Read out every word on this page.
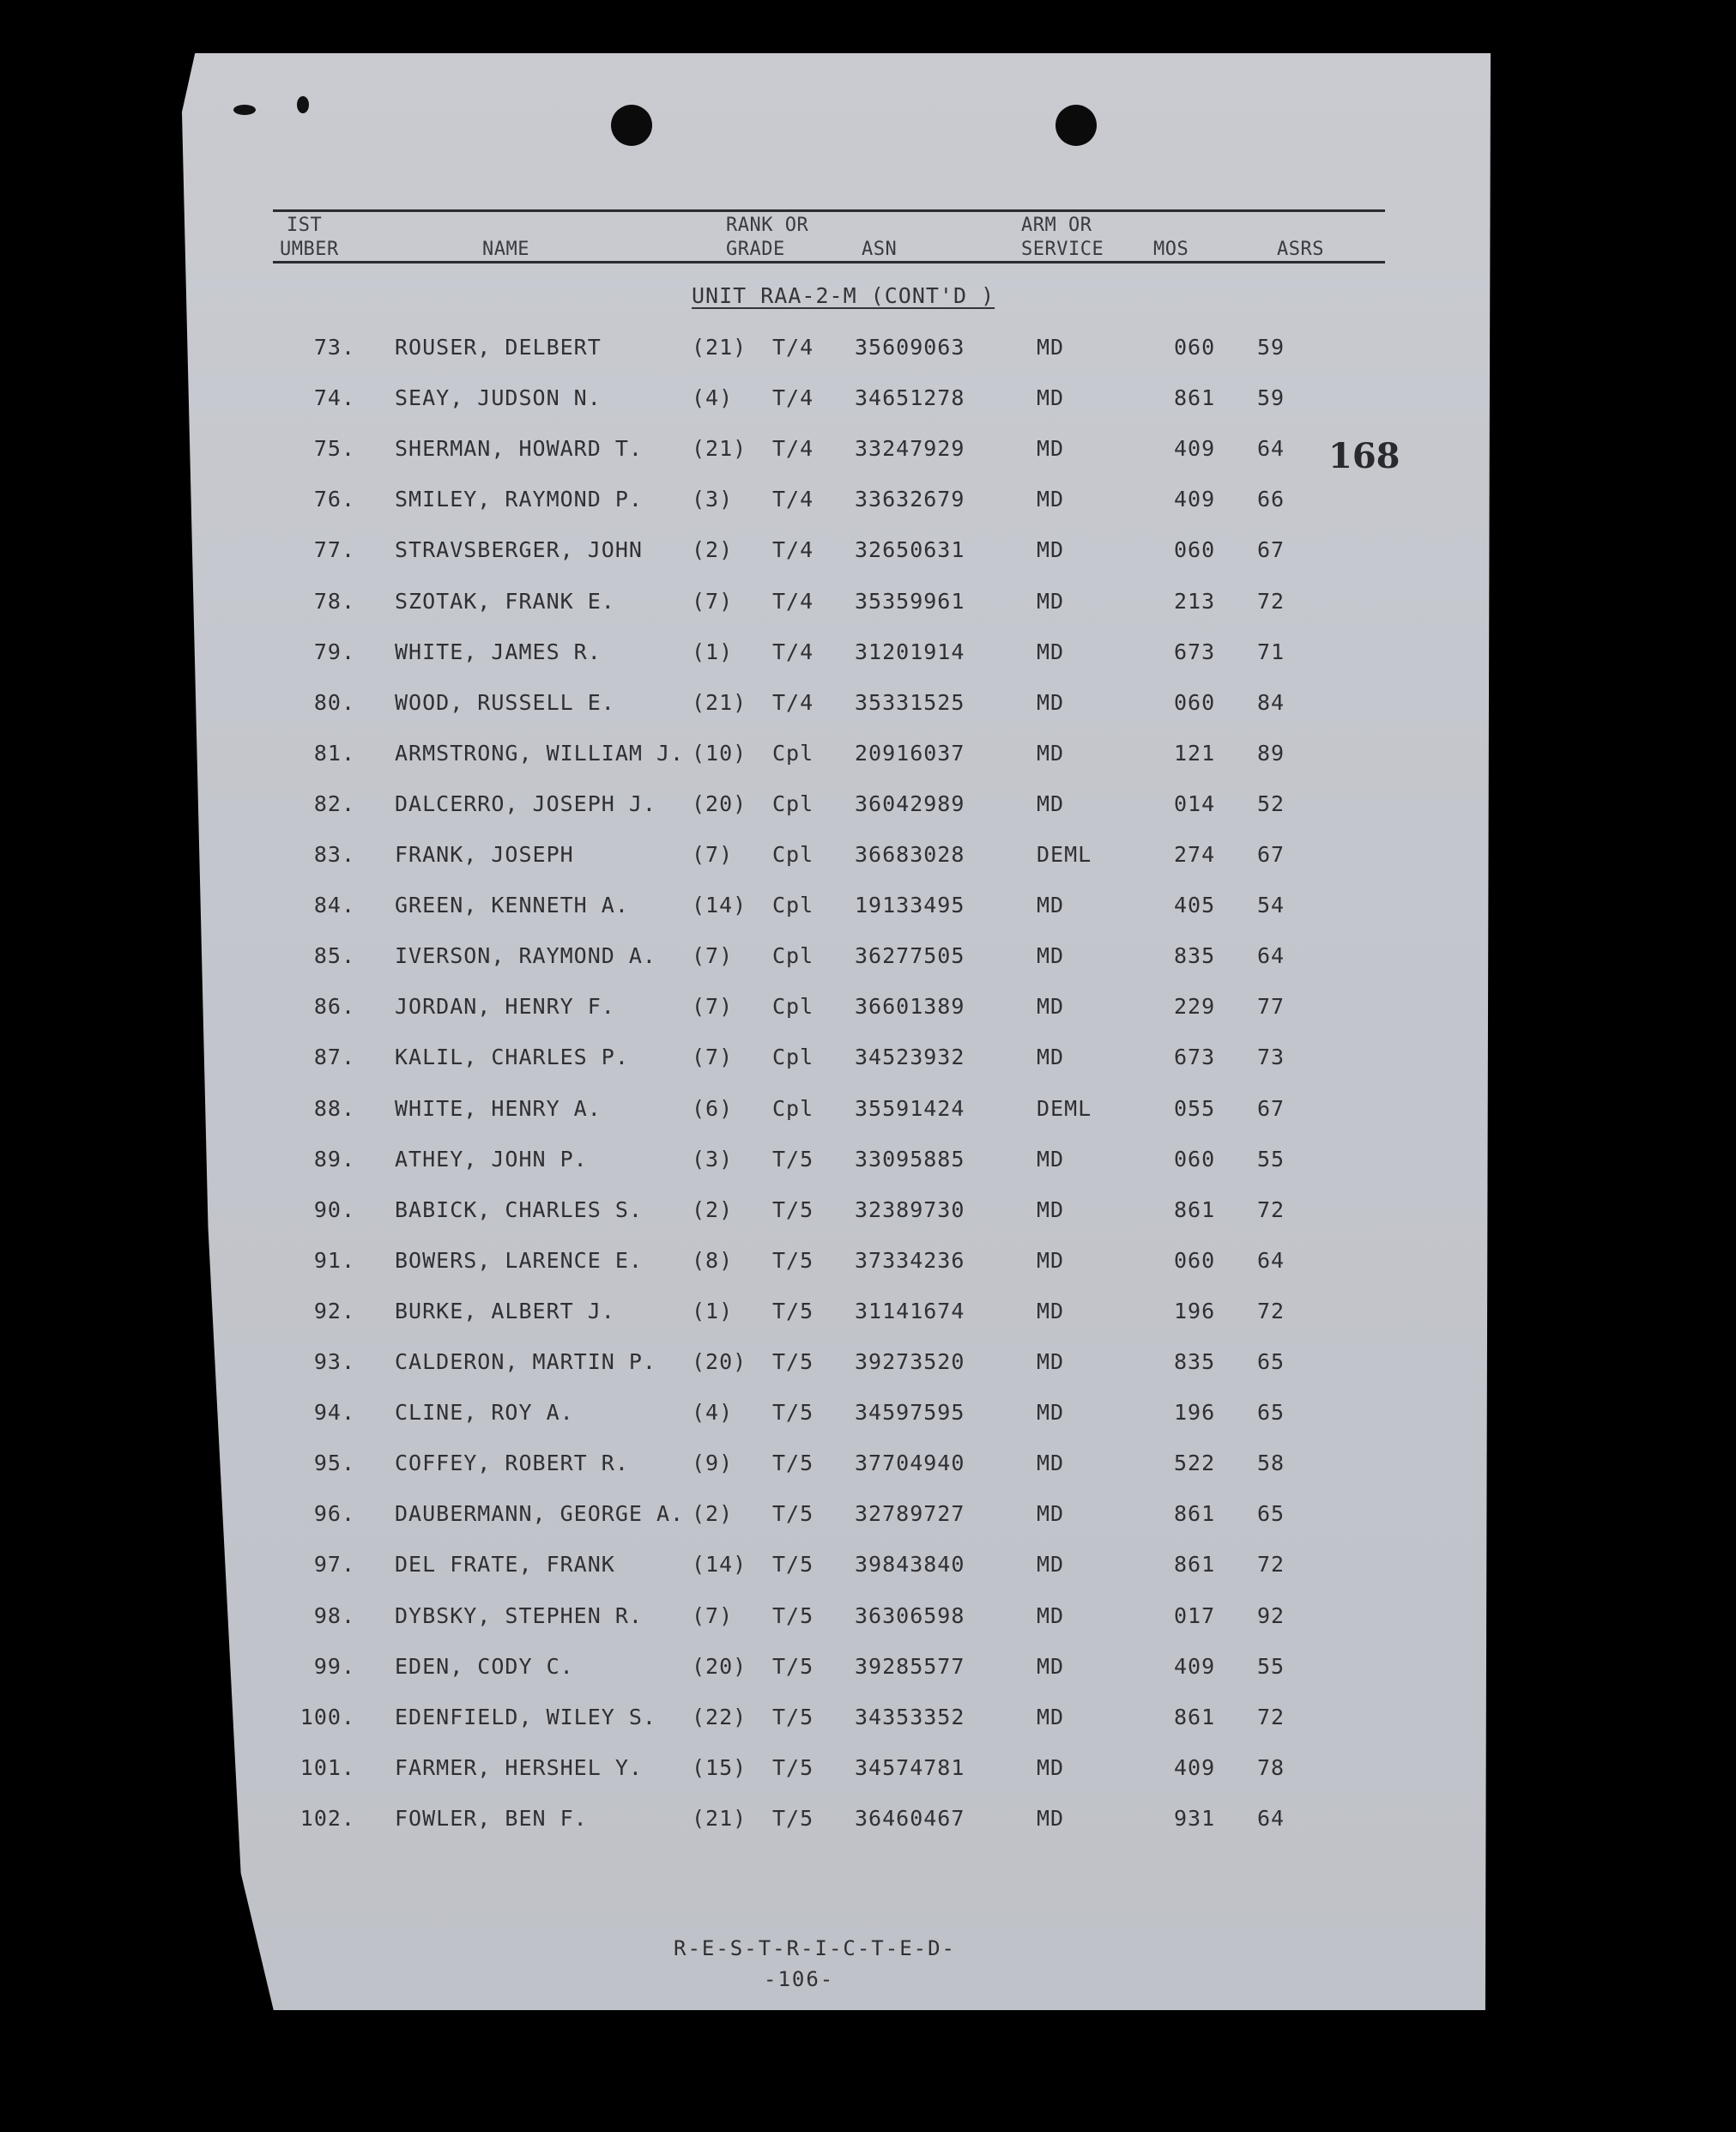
168
IST
UMBER	NAME
RANK OR
GRADE	ASN
ARM OR
SERVICE	MOS	ASRS
UNIT RAA-2-M (CONT'D )
73. ROUSER, DELBERT	(21) T/4 35609063	MD	060 59
74. SEAY, JUDSON N.	(4) T/4 34651278	MD	861 59
75. SHERMAN, HOWARD T. (21) T/4 33247929	MD	409 64
76. SMILEY, RAYMOND P. (3) T/4 33632679	MD	409 66
77. STRAVSBERGER, JOHN (2) T/4 32650631	MD	060 67
78. SZOTAK, FRANK E.	(7) T/4 35359961	MD	213 72
79. WHITE, JAMES R.	(1) T/4 31201914	MD	673 71
80. WOOD, RUSSELL E.	(21) T/4 35331525	MD	060 84
81. ARMSTRONG, WILLIAM J. (10) Cpl 20916037	MD	121 89
82. DALCERRO, JOSEPH J. (20) Cpl 36042989	MD	014 52
83. FRANK, JOSEPH	(7) Cpl 36683028	DEML	274 67
84. GREEN, KENNETH A.	(14) Cpl 19133495	MD	405 54
85. IVERSON, RAYMOND A. (7) Cpl 36277505	MD	835 64
86. JORDAN, HENRY F.	(7) Cpl 36601389	MD	229 77
87. KALIL, CHARLES P.	(7) Cpl 34523932	MD	673 73
88. WHITE, HENRY A.	(6) Cpl 35591424	DEML	055 67
89. ATHEY, JOHN P.	(3) T/5 33095885	MD	060 55
90. BABICK, CHARLES S. (2) T/5 32389730	MD	861 72
91. BOWERS, LARENCE E. (8) T/5 37334236	MD	060 64
92. BURKE, ALBERT J.	(1) T/5 31141674	MD	196 72
93. CALDERON, MARTIN P. (20) T/5 39273520	MD	835 65
94. CLINE, ROY A.	(4) T/5 34597595	MD	196 65
95. COFFEY, ROBERT R.	(9) T/5 37704940	MD	522 58
96. DAUBERMANN, GEORGE A. (2) T/5 32789727	MD	861 65
97. DEL FRATE, FRANK	(14) T/5 39843840	MD	861 72
98. DYBSKY, STEPHEN R. (7) T/5 36306598	MD	017 92
99. EDEN, CODY C.	(20) T/5 39285577	MD	409 55
100. EDENFIELD, WILEY S. (22) T/5 34353352	MD	861 72
101. FARMER, HERSHEL Y. (15) T/5 34574781	MD	409 78
102. FOWLER, BEN F.	(21) T/5 36460467	MD	931 64
R-E-S-T-R-I-C-T-E-D-
-106-
